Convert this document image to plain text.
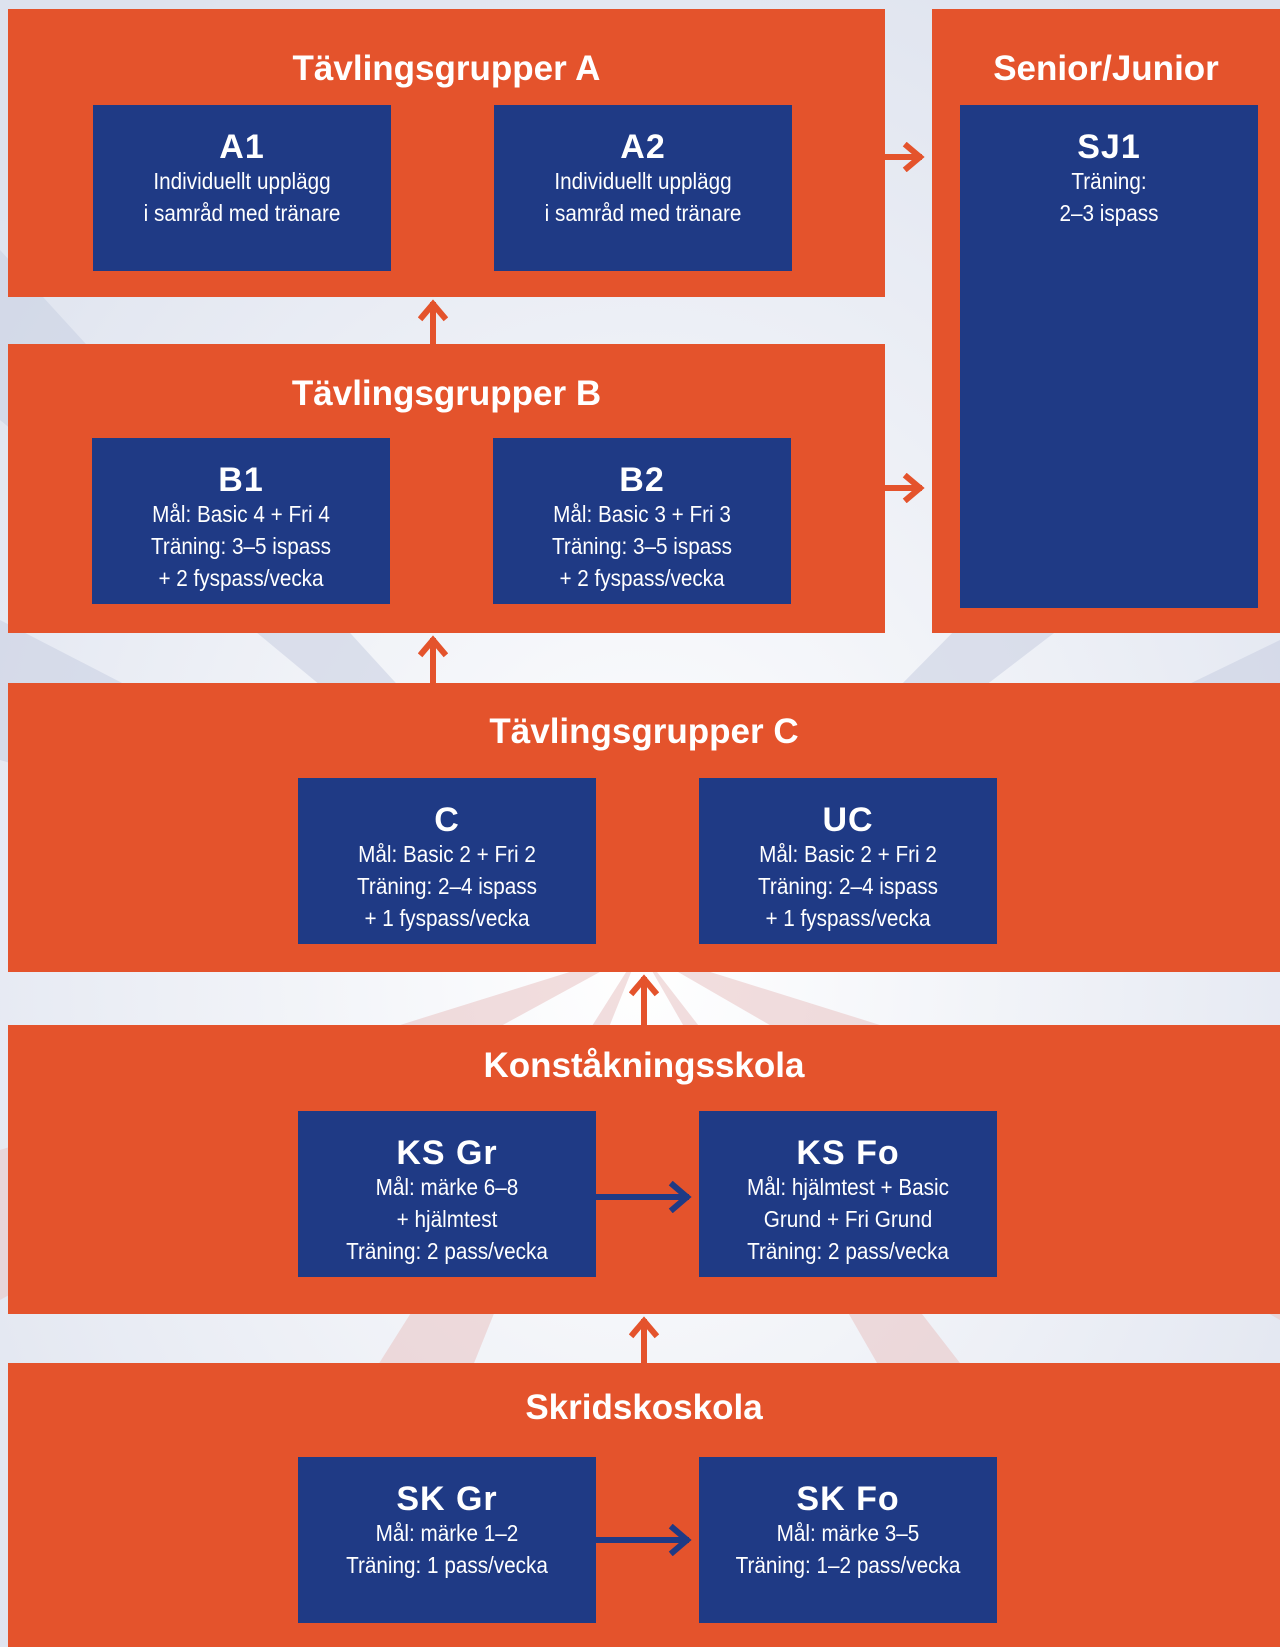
Tävlingsgrupper A
A1
Individuellt upplägg
i samråd med tränare
A2
Individuellt upplägg
i samråd med tränare
Senior/Junior
SJ1
Träning:
2–3 ispass
Tävlingsgrupper B
B1
Mål: Basic 4 + Fri 4
Träning: 3–5 ispass
+ 2 fyspass/vecka
B2
Mål: Basic 3 + Fri 3
Träning: 3–5 ispass
+ 2 fyspass/vecka
Tävlingsgrupper C
C
Mål: Basic 2 + Fri 2
Träning: 2–4 ispass
+ 1 fyspass/vecka
UC
Mål: Basic 2 + Fri 2
Träning: 2–4 ispass
+ 1 fyspass/vecka
Konståkningsskola
KS Gr
Mål: märke 6–8
+ hjälmtest
Träning: 2 pass/vecka
KS Fo
Mål: hjälmtest + Basic
Grund + Fri Grund
Träning: 2 pass/vecka
Skridskoskola
SK Gr
Mål: märke 1–2
Träning: 1 pass/vecka
SK Fo
Mål: märke 3–5
Träning: 1–2 pass/vecka
